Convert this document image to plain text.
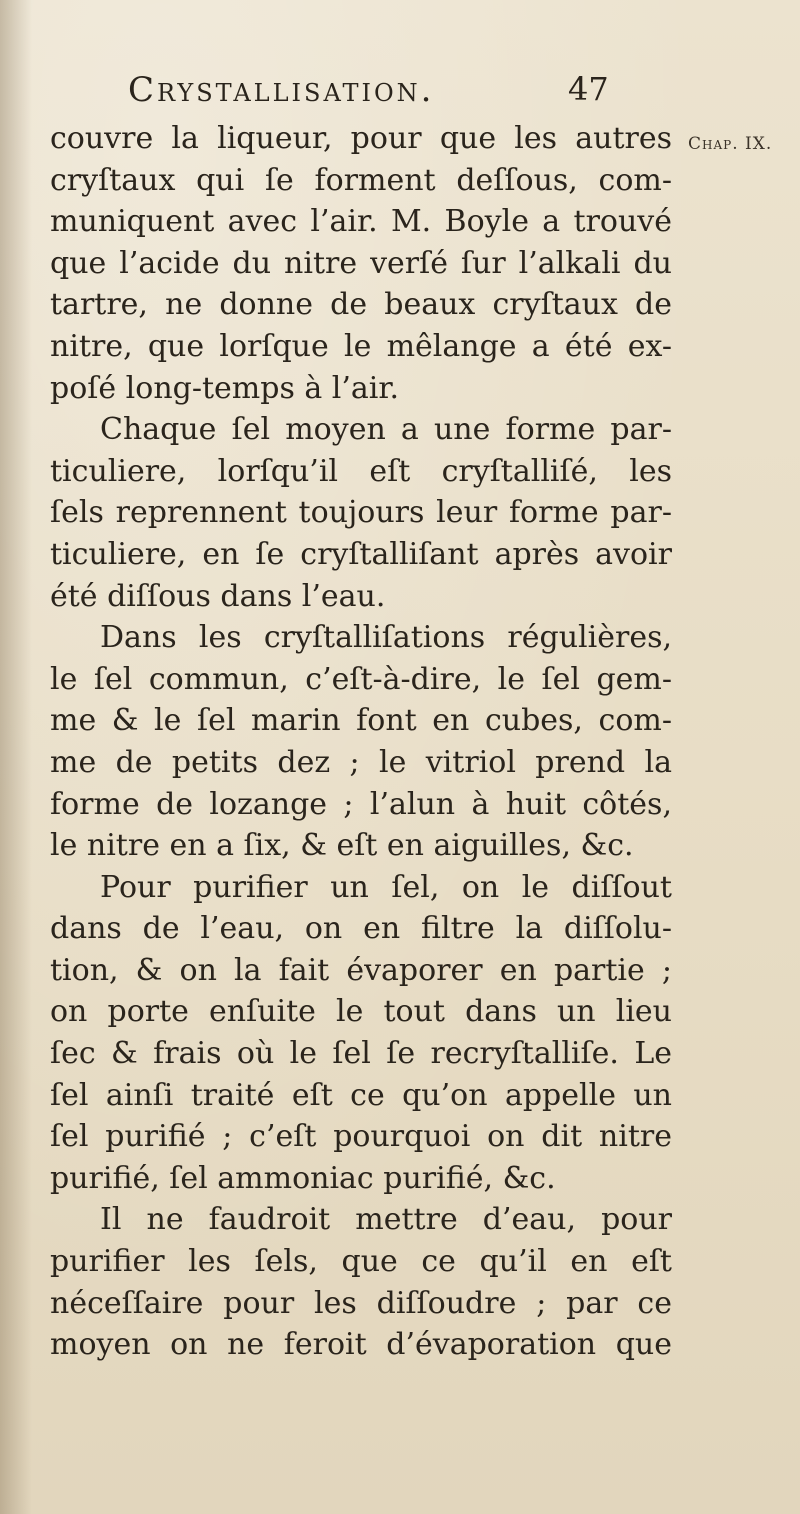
Crystallisation.	47
Chap. IX.
couvre la liqueur, pour que les autres
cryſtaux qui ſe forment deſſous, com-
muniquent avec l’air. M. Boyle a trouvé
que l’acide du nitre verſé ſur l’alkali du
tartre, ne donne de beaux cryſtaux de
nitre, que lorſque le mêlange a été ex-
poſé long-temps à l’air.
Chaque ſel moyen a une forme par-
ticuliere, lorſqu’il eſt cryſtalliſé, les
ſels reprennent toujours leur forme par-
ticuliere, en ſe cryſtalliſant après avoir
été diſſous dans l’eau.
Dans les cryſtalliſations régulières,
le ſel commun, c’eſt-à-dire, le ſel gem-
me & le ſel marin font en cubes, com-
me de petits dez ; le vitriol prend la
forme de lozange ; l’alun à huit côtés,
le nitre en a ſix, & eſt en aiguilles, &c.
Pour purifier un ſel, on le diſſout
dans de l’eau, on en filtre la diſſolu-
tion, & on la fait évaporer en partie ;
on porte enſuite le tout dans un lieu
ſec & frais où le ſel ſe recryſtalliſe. Le
ſel ainſi traité eſt ce qu’on appelle un
ſel purifié ; c’eſt pourquoi on dit nitre
purifié, ſel ammoniac purifié, &c.
Il ne faudroit mettre d’eau, pour
purifier les ſels, que ce qu’il en eſt
néceſſaire pour les diſſoudre ; par ce
moyen on ne feroit d’évaporation que
